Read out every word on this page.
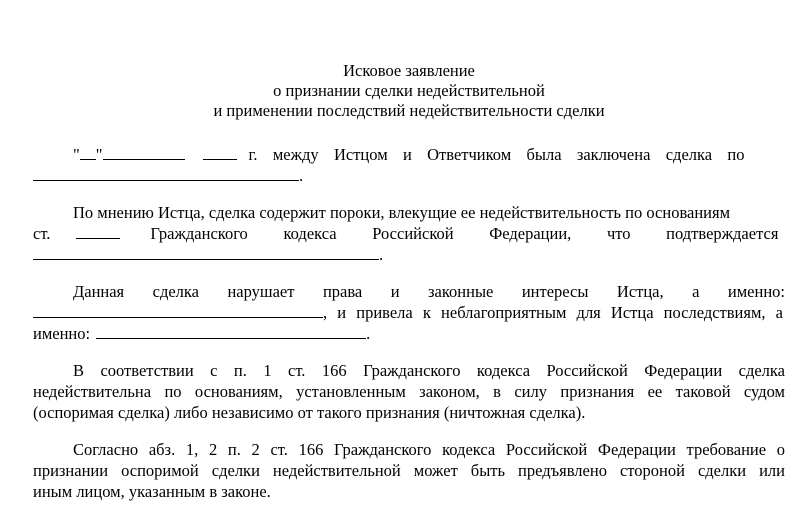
Исковое заявление
о признании сделки недействительной
и применении последствий недействительности сделки
" "	г. между Истцом и Ответчиком была заключена сделка по
.
По мнению Истца, сделка содержит пороки, влекущие ее недействительность по основаниям
ст.	Гражданского кодекса Российской Федерации, что подтверждается
.
Данная сделка нарушает права и законные интересы Истца, а именно:
, и привела к неблагоприятным для Истца последствиям, а
именно:	.
В соответствии с п. 1 ст. 166 Гражданского кодекса Российской Федерации сделка
недействительна по основаниям, установленным законом, в силу признания ее таковой судом
(оспоримая сделка) либо независимо от такого признания (ничтожная сделка).
Согласно абз. 1, 2 п. 2 ст. 166 Гражданского кодекса Российской Федерации требование о
признании оспоримой сделки недействительной может быть предъявлено стороной сделки или
иным лицом, указанным в законе.
